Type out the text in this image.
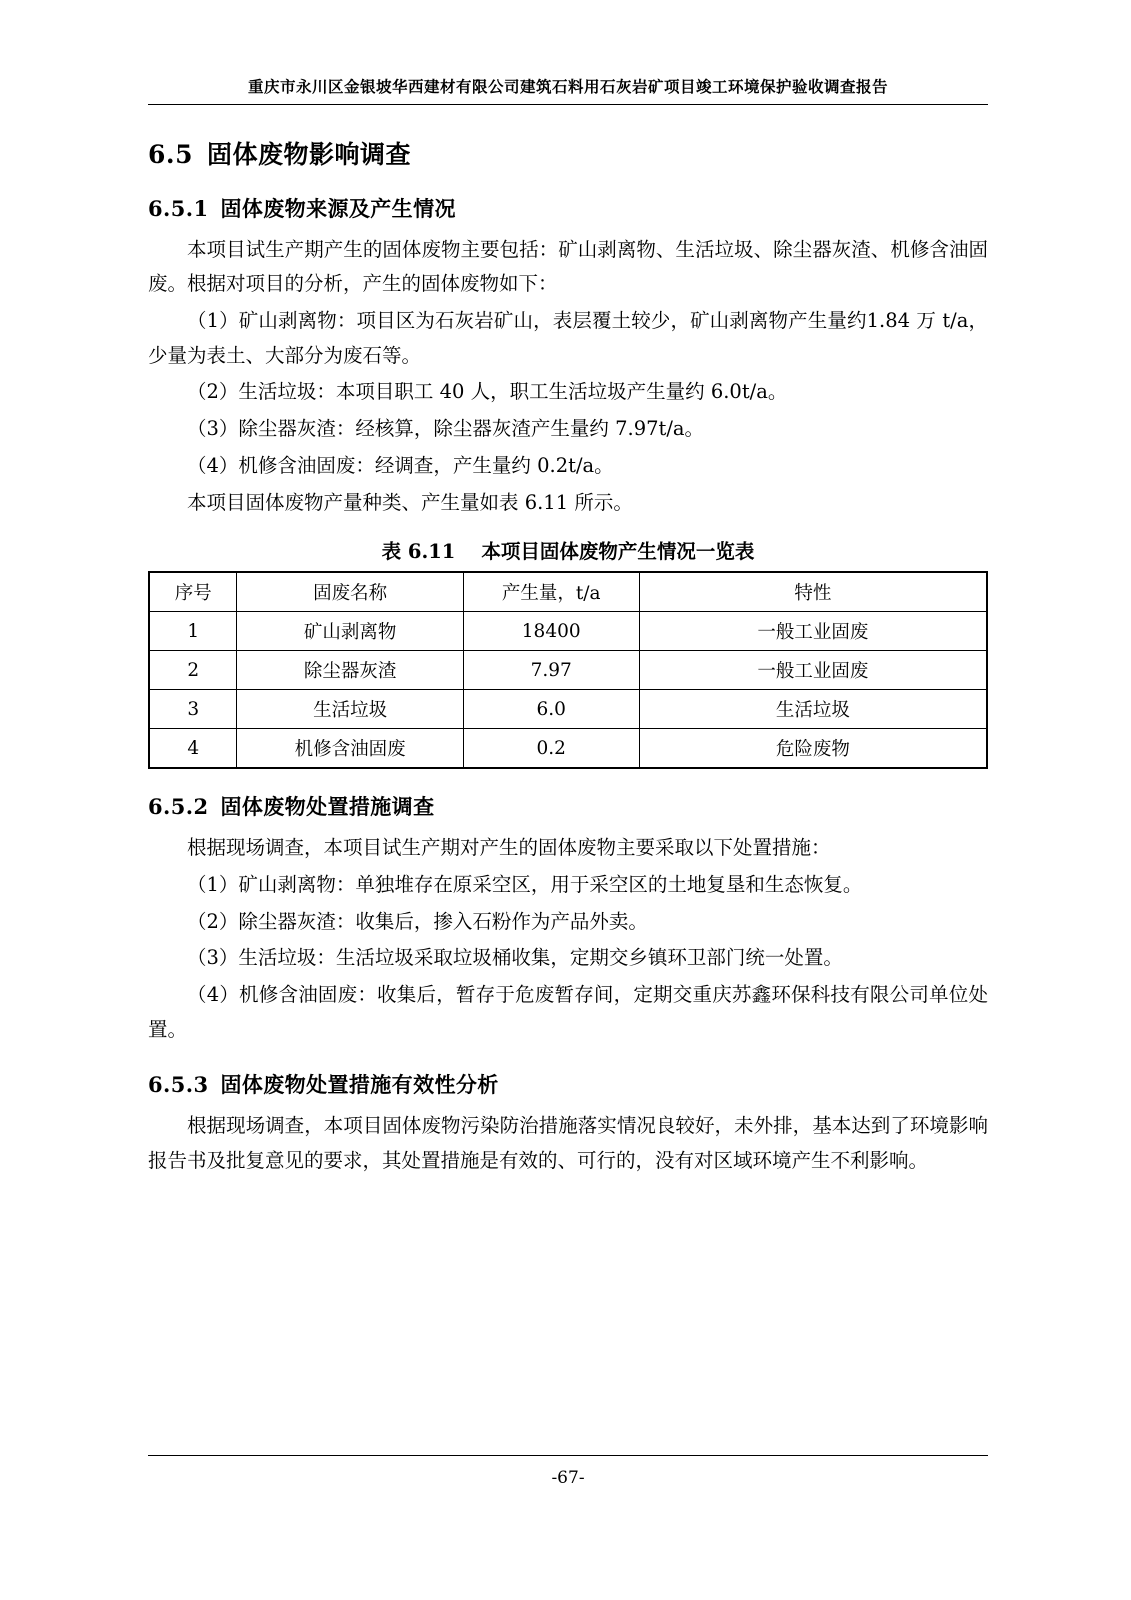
重庆市永川区金银坡华西建材有限公司建筑石料用石灰岩矿项目竣工环境保护验收调查报告
6.5 固体废物影响调查
6.5.1 固体废物来源及产生情况

本项目试生产期产生的固体废物主要包括：矿山剥离物、生活垃圾、除尘器灰渣、机修含油固废。根据对项目的分析，产生的固体废物如下：

（1）矿山剥离物：项目区为石灰岩矿山，表层覆土较少，矿山剥离物产生量约1.84 万 t/a，少量为表土、大部分为废石等。

（2）生活垃圾：本项目职工 40 人，职工生活垃圾产生量约 6.0t/a。

（3）除尘器灰渣：经核算，除尘器灰渣产生量约 7.97t/a。

（4）机修含油固废：经调查，产生量约 0.2t/a。

本项目固体废物产量种类、产生量如表 6.11 所示。

表 6.11 本项目固体废物产生情况一览表
序号	固废名称	产生量，t/a	特性
1	矿山剥离物	18400	一般工业固废
2	除尘器灰渣	7.97	一般工业固废
3	生活垃圾	6.0	生活垃圾
4	机修含油固废	0.2	危险废物
6.5.2 固体废物处置措施调查

根据现场调查，本项目试生产期对产生的固体废物主要采取以下处置措施：

（1）矿山剥离物：单独堆存在原采空区，用于采空区的土地复垦和生态恢复。

（2）除尘器灰渣：收集后，掺入石粉作为产品外卖。

（3）生活垃圾：生活垃圾采取垃圾桶收集，定期交乡镇环卫部门统一处置。

（4）机修含油固废：收集后，暂存于危废暂存间，定期交重庆苏鑫环保科技有限公司单位处置。

6.5.3 固体废物处置措施有效性分析

根据现场调查，本项目固体废物污染防治措施落实情况良较好，未外排，基本达到了环境影响报告书及批复意见的要求，其处置措施是有效的、可行的，没有对区域环境产生不利影响。

-67-
